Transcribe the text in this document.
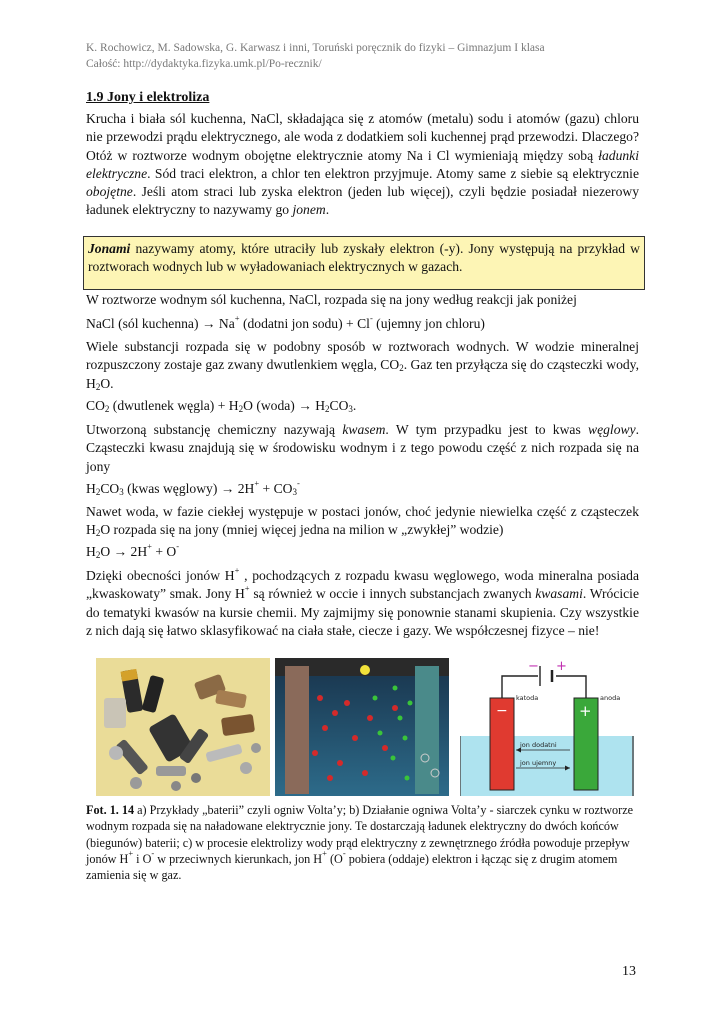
K. Rochowicz, M. Sadowska, G. Karwasz i inni, Toruński poręcznik do fizyki – Gimnazjum I klasa
Całość: http://dydaktyka.fizyka.umk.pl/Po-recznik/
1.9 Jony i elektroliza
Krucha i biała sól kuchenna, NaCl, składająca się z atomów (metalu) sodu i atomów (gazu) chloru nie przewodzi prądu elektrycznego, ale woda z dodatkiem soli kuchennej prąd przewodzi. Dlaczego? Otóż w roztworze wodnym obojętne elektrycznie atomy Na i Cl wymieniają między sobą ładunki elektryczne. Sód traci elektron, a chlor ten elektron przyjmuje. Atomy same z siebie są elektrycznie obojętne. Jeśli atom straci lub zyska elektron (jeden lub więcej), czyli będzie posiadał niezerowy ładunek elektryczny to nazywamy go jonem.
Jonami nazywamy atomy, które utraciły lub zyskały elektron (-y). Jony występują na przykład w roztworach wodnych lub w wyładowaniach elektrycznych w gazach.
W roztworze wodnym sól kuchenna, NaCl, rozpada się na jony według reakcji jak poniżej
NaCl (sól kuchenna) → Na+ (dodatni jon sodu) + Cl- (ujemny jon chloru)
Wiele substancji rozpada się w podobny sposób w roztworach wodnych. W wodzie mineralnej rozpuszczony zostaje gaz zwany dwutlenkiem węgla, $CO_2$. Gaz ten przyłącza się do cząsteczki wody, $H_2O$.
$CO_2$ (dwutlenek węgla) + $H_2O$ (woda) → $H_2CO_3$.
Utworzoną substancję chemiczny nazywają kwasem. W tym przypadku jest to kwas węglowy. Cząsteczki kwasu znajdują się w środowisku wodnym i z tego powodu część z nich rozpada się na jony
$H_2CO_3$ (kwas węglowy) → $2H^+ + CO_3^-$
Nawet woda, w fazie ciekłej występuje w postaci jonów, choć jedynie niewielka część z cząsteczek $H_2O$ rozpada się na jony (mniej więcej jedna na milion w „zwykłej” wodzie)
$H_2O \to 2H^+ + O^-$
Dzięki obecności jonów H+ , pochodzących z rozpadu kwasu węglowego, woda mineralna posiada „kwaskowaty” smak. Jony H+ są również w occie i innych substancjach zwanych kwasami. Wrócicie do tematyki kwasów na kursie chemii. My zajmijmy się ponownie stanami skupienia. Czy wszystkie z nich dają się łatwo sklasyfikować na ciała stałe, ciecze i gazy. We współczesnej fizyce – nie!
− +
−	+
katoda	anoda
jon dodatni
jon ujemny
Fot. 1. 14 a) Przykłady „baterii” czyli ogniw Volta’y; b) Działanie ogniwa Volta’y - siarczek cynku w roztworze wodnym rozpada się na naładowane elektrycznie jony. Te dostarczają ładunek elektryczny do dwóch końców (biegunów) baterii; c) w procesie elektrolizy wody prąd elektryczny z zewnętrznego źródła powoduje przepływ jonów H+ i O- w przeciwnych kierunkach, jon H+ (O- pobiera (oddaje) elektron i łącząc się z drugim atomem zamienia się w gaz.
13
